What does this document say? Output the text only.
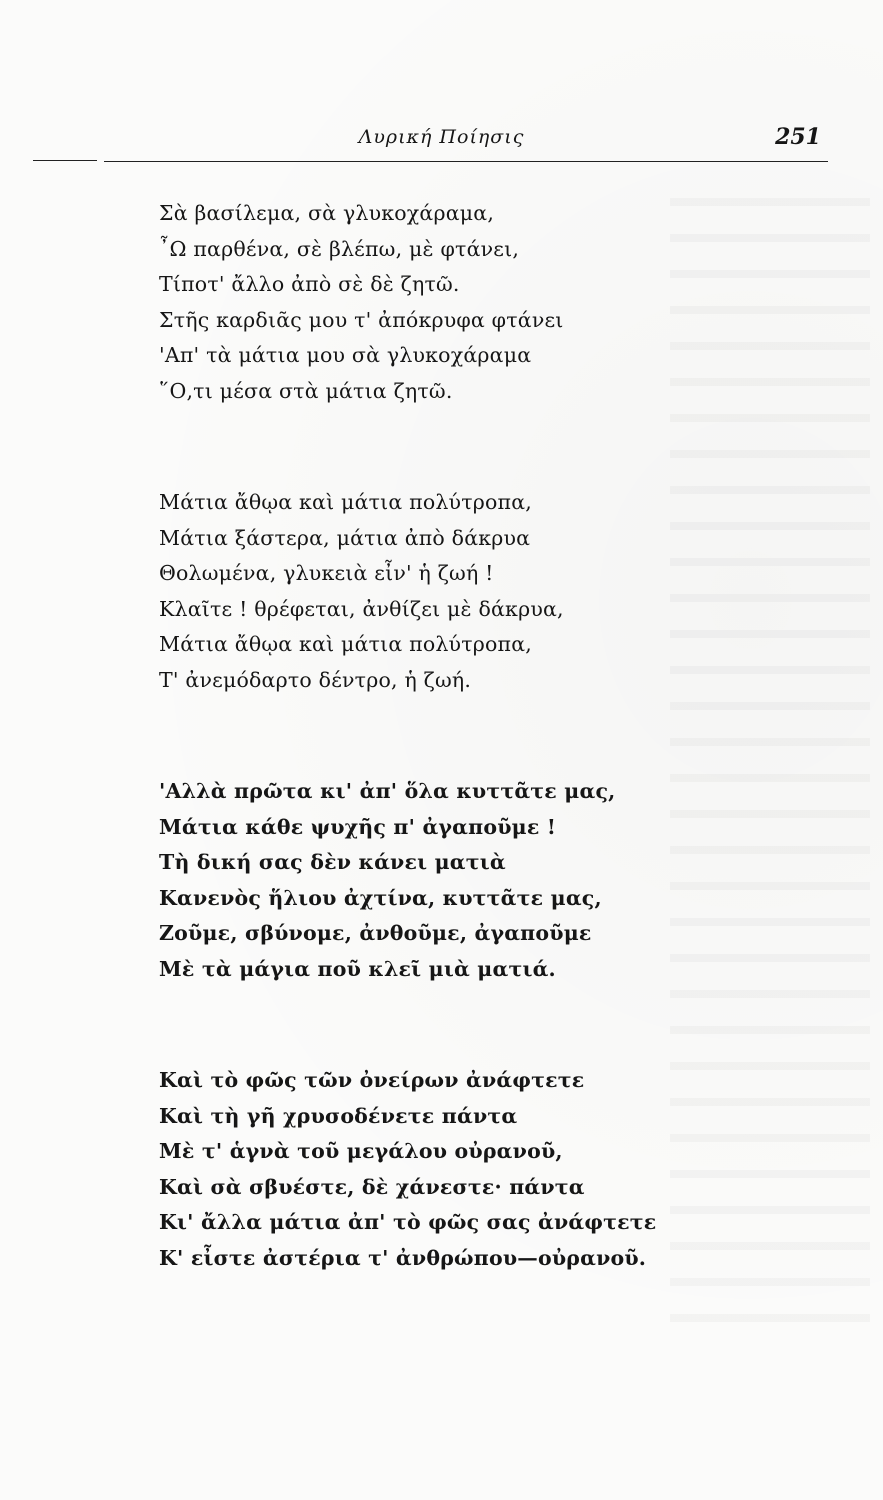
Λυρική Ποίησις	251
Σὰ βασίλεμα, σὰ γλυκοχάραμα,
῏Ω παρθένα, σὲ βλέπω, μὲ φτάνει,
Τίποτ' ἄλλο ἀπὸ σὲ δὲ ζητῶ.
Στῆς καρδιᾶς μου τ' ἀπόκρυφα φτάνει
'Απ' τὰ μάτια μου σὰ γλυκοχάραμα
῞Ο,τι μέσα στὰ μάτια ζητῶ.
Μάτια ἄθῳα καὶ μάτια πολύτροπα,
Μάτια ξάστερα, μάτια ἀπὸ δάκρυα
Θολωμένα, γλυκειὰ εἶν' ἡ ζωή !
Κλαῖτε ! θρέφεται, ἀνθίζει μὲ δάκρυα,
Μάτια ἄθῳα καὶ μάτια πολύτροπα,
Τ' ἀνεμόδαρτο δέντρο, ἡ ζωή.
'Αλλὰ πρῶτα κι' ἀπ' ὅλα κυττᾶτε μας,
Μάτια κάθε ψυχῆς π' ἀγαποῦμε !
Τὴ δική σας δὲν κάνει ματιὰ
Κανενὸς ἥλιου ἀχτίνα, κυττᾶτε μας,
Ζοῦμε, σβύνομε, ἀνθοῦμε, ἀγαποῦμε
Μὲ τὰ μάγια ποῦ κλεῖ μιὰ ματιά.
Καὶ τὸ φῶς τῶν ὀνείρων ἀνάφτετε
Καὶ τὴ γῆ χρυσοδένετε πάντα
Μὲ τ' ἁγνὰ τοῦ μεγάλου οὐρανοῦ,
Καὶ σὰ σβυέστε, δὲ χάνεστε· πάντα
Κι' ἄλλα μάτια ἀπ' τὸ φῶς σας ἀνάφτετε
Κ' εἶστε ἀστέρια τ' ἀνθρώπου—οὐρανοῦ.
